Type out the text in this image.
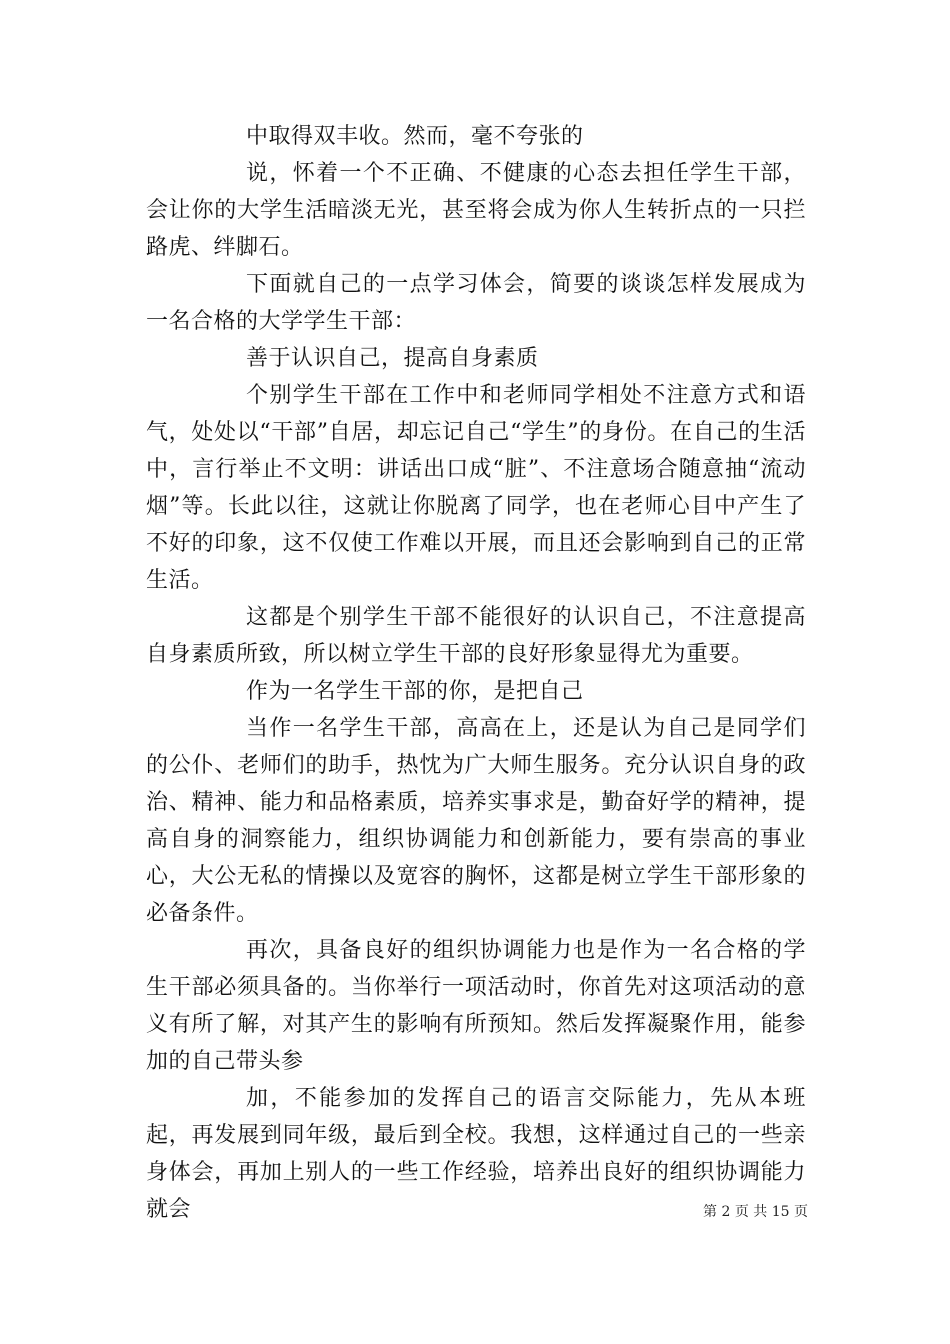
中取得双丰收。然而，毫不夸张的

说，怀着一个不正确、不健康的心态去担任学生干部，会让你的大学生活暗淡无光，甚至将会成为你人生转折点的一只拦路虎、绊脚石。

下面就自己的一点学习体会，简要的谈谈怎样发展成为一名合格的大学学生干部：

善于认识自己，提高自身素质

个别学生干部在工作中和老师同学相处不注意方式和语气，处处以“干部”自居，却忘记自己“学生”的身份。在自己的生活中，言行举止不文明：讲话出口成“脏”、不注意场合随意抽“流动烟”等。长此以往，这就让你脱离了同学，也在老师心目中产生了不好的印象，这不仅使工作难以开展，而且还会影响到自己的正常生活。

这都是个别学生干部不能很好的认识自己，不注意提高自身素质所致，所以树立学生干部的良好形象显得尤为重要。

作为一名学生干部的你，是把自己

当作一名学生干部，高高在上，还是认为自己是同学们的公仆、老师们的助手，热忱为广大师生服务。充分认识自身的政治、精神、能力和品格素质，培养实事求是，勤奋好学的精神，提高自身的洞察能力，组织协调能力和创新能力，要有崇高的事业心，大公无私的情操以及宽容的胸怀，这都是树立学生干部形象的必备条件。

再次，具备良好的组织协调能力也是作为一名合格的学生干部必须具备的。当你举行一项活动时，你首先对这项活动的意义有所了解，对其产生的影响有所预知。然后发挥凝聚作用，能参加的自己带头参

加，不能参加的发挥自己的语言交际能力，先从本班起，再发展到同年级，最后到全校。我想，这样通过自己的一些亲身体会，再加上别人的一些工作经验，培养出良好的组织协调能力就会	第 2 页 共 15 页
